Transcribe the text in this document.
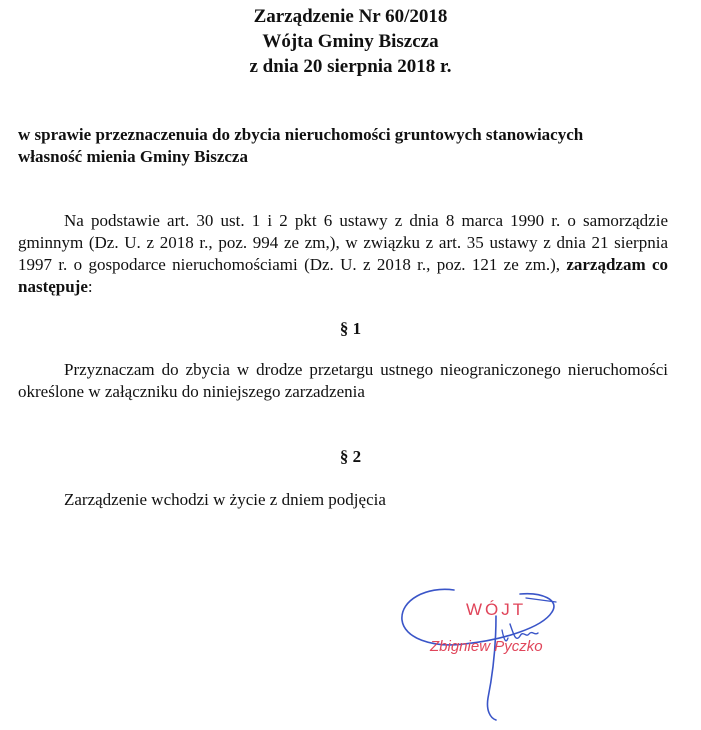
Zarządzenie Nr 60/2018
Wójta Gminy Biszcza
z dnia 20 sierpnia 2018 r.
w sprawie przeznaczenuia do zbycia nieruchomości gruntowych stanowiacych
własność mienia Gminy Biszcza
Na podstawie art. 30 ust. 1 i 2 pkt 6 ustawy z dnia 8 marca 1990 r. o samorządzie gminnym (Dz. U. z 2018 r., poz. 994 ze zm,), w związku z art. 35 ustawy z dnia 21 sierpnia 1997 r. o gospodarce nieruchomościami (Dz. U. z 2018 r., poz. 121 ze zm.), zarządzam co następuje:
§ 1
Przyznaczam do zbycia w drodze przetargu ustnego nieograniczonego nieruchomości określone w załączniku do niniejszego zarzadzenia
§ 2
Zarządzenie wchodzi w życie z dniem podjęcia
WÓJT
Zbigniew Pyczko
